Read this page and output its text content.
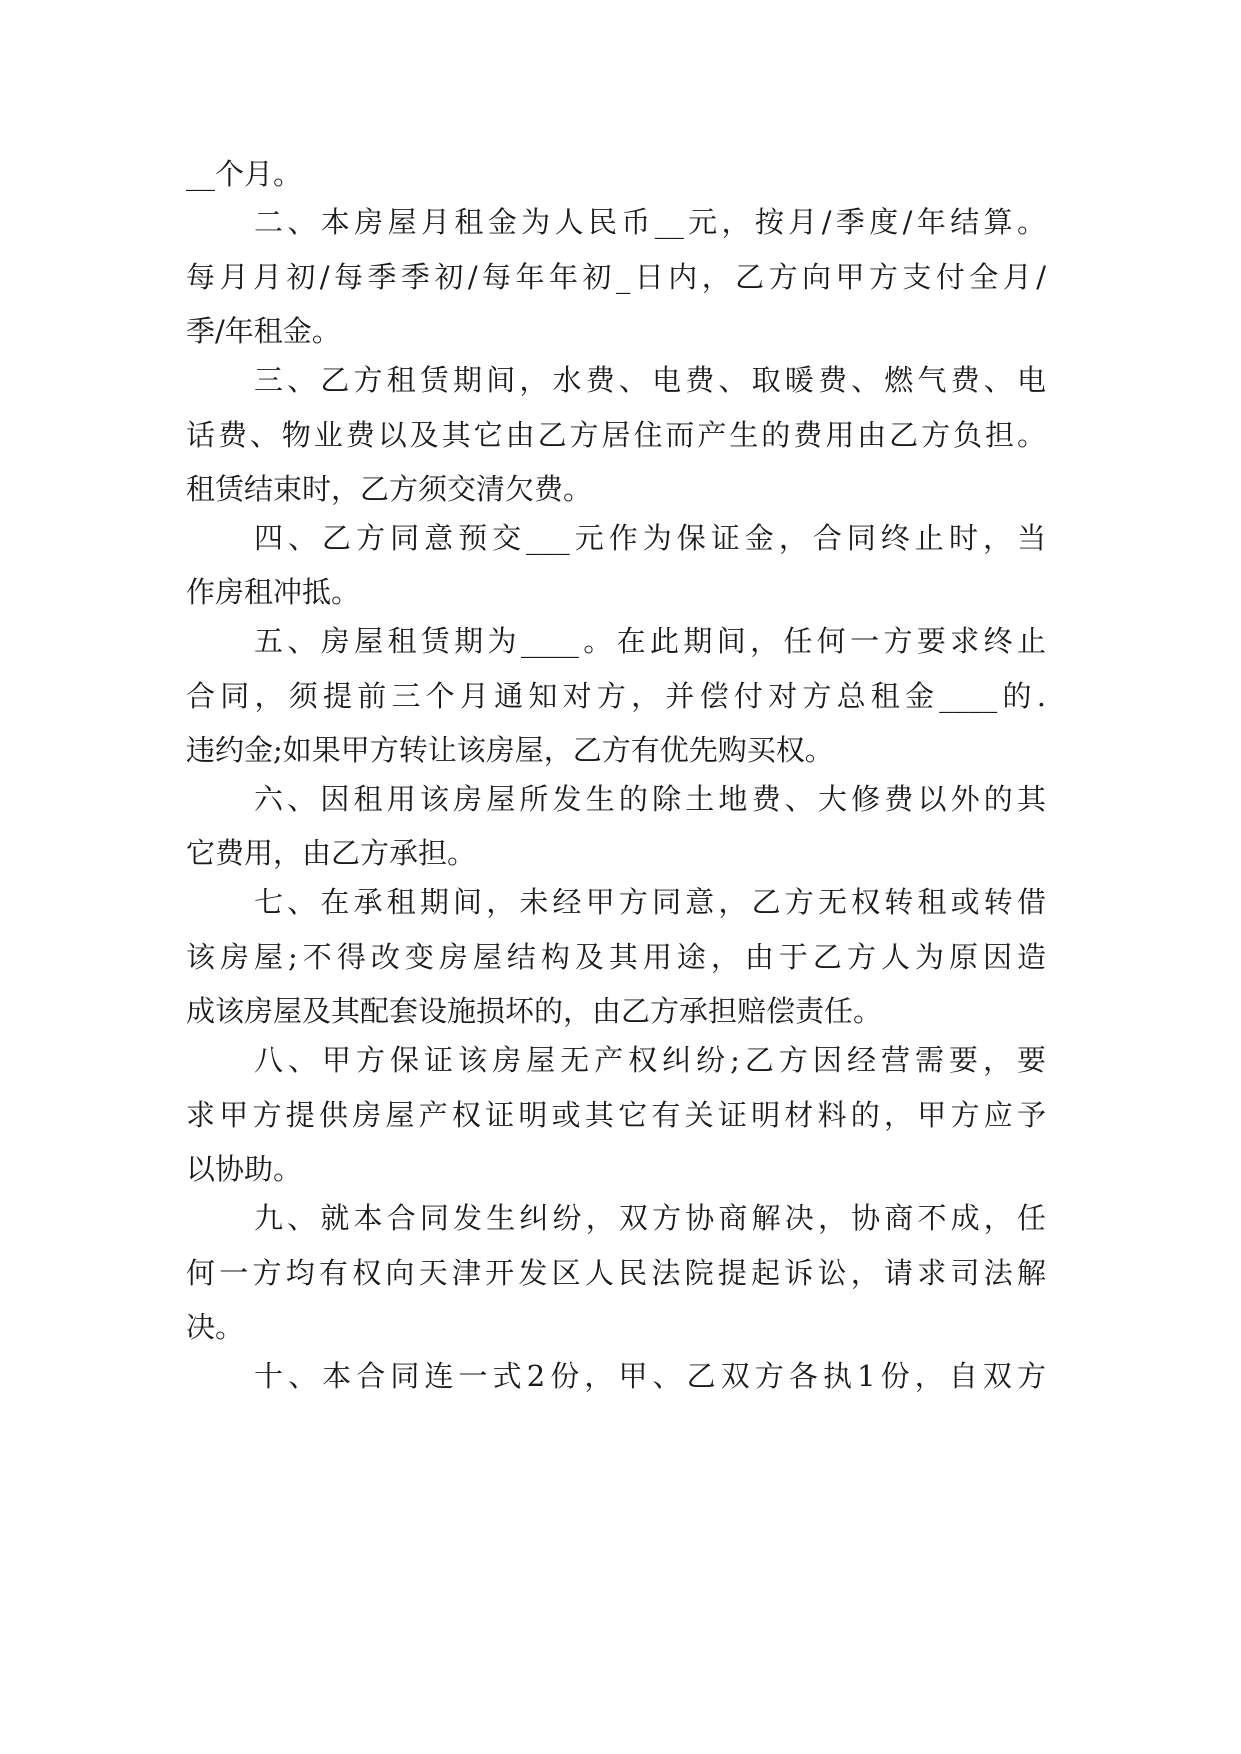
__个月。
二、本房屋月租金为人民币__元，按月/季度/年结算。
每月月初/每季季初/每年年初_日内，乙方向甲方支付全月/
季/年租金。
三、乙方租赁期间，水费、电费、取暖费、燃气费、电
话费、物业费以及其它由乙方居住而产生的费用由乙方负担。
租赁结束时，乙方须交清欠费。
四、乙方同意预交___元作为保证金，合同终止时，当
作房租冲抵。
五、房屋租赁期为____。在此期间，任何一方要求终止
合同，须提前三个月通知对方，并偿付对方总租金____的.
违约金;如果甲方转让该房屋，乙方有优先购买权。
六、因租用该房屋所发生的除土地费、大修费以外的其
它费用，由乙方承担。
七、在承租期间，未经甲方同意，乙方无权转租或转借
该房屋;不得改变房屋结构及其用途，由于乙方人为原因造
成该房屋及其配套设施损坏的，由乙方承担赔偿责任。
八、甲方保证该房屋无产权纠纷;乙方因经营需要，要
求甲方提供房屋产权证明或其它有关证明材料的，甲方应予
以协助。
九、就本合同发生纠纷，双方协商解决，协商不成，任
何一方均有权向天津开发区人民法院提起诉讼，请求司法解
决。
十、本合同连一式2份，甲、乙双方各执1份，自双方
